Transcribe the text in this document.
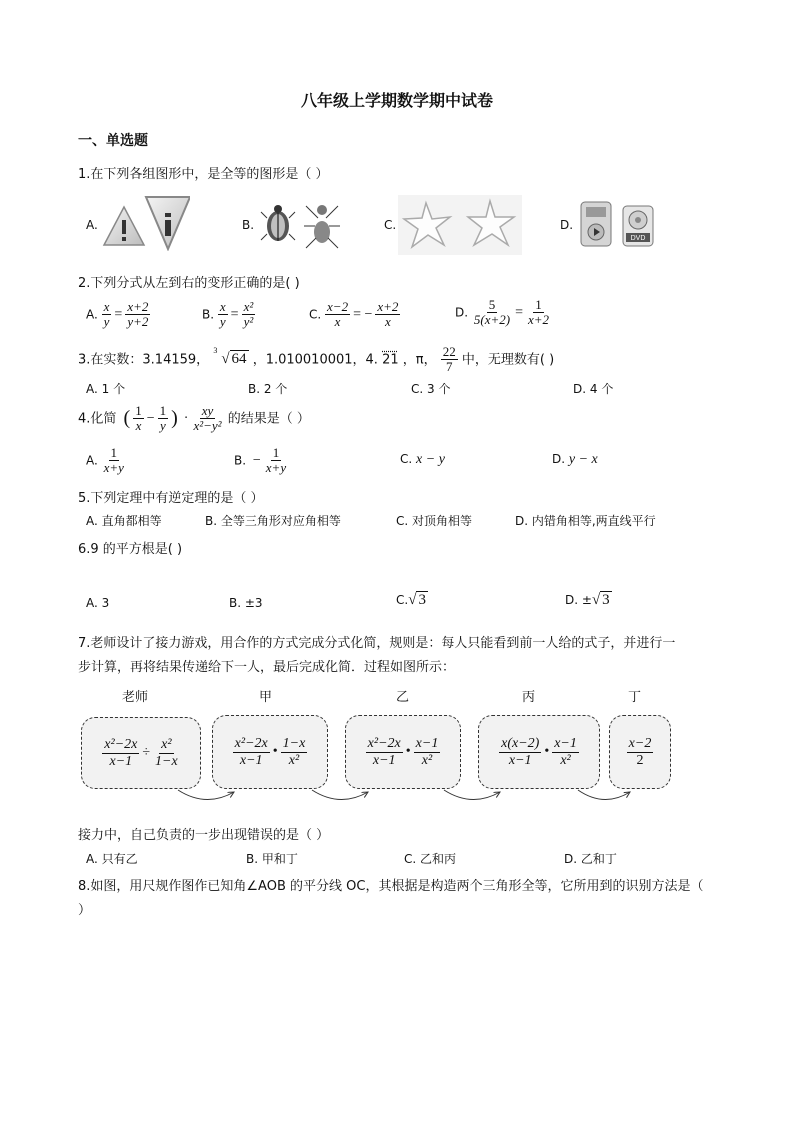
八年级上学期数学期中试卷
一、单选题
1.在下列各组图形中，是全等的图形是（ ）
A.	B.	C.	D.
DVD
2.下列分式从左到右的变形正确的是( )
A. $\frac{x}{y} = \frac{x+2}{y+2}$	B. $\frac{x}{y} = \frac{\text{x²}}{\text{y²}}$	C. $\frac{x-2}{x}$ = − $\frac{x+2}{x}$	D. $\frac{5}{5(x+2)} = \frac{1}{x+2}$
3.在实数：3.14159，
3
√ 64 ，1.010010001，4. 21 ，π， $\frac{22}{7}$ 中，无理数有( )
A. 1 个	B. 2 个	C. 3 个	D. 4 个
4.化简 ( $\frac{1}{x} - \frac{1}{y}$ ) · $\frac{xy}{\text{x²−y²}}$ 的结果是（ ）
A. $\frac{1}{x+y}$	B. − $\frac{1}{x+y}$	C. x − y	D. y − x
5.下列定理中有逆定理的是（ ）
A. 直角都相等	B. 全等三角形对应角相等	C. 对顶角相等	D. 内错角相等,两直线平行
6.9 的平方根是( )
A. 3	B. ±3	C.√ 3	D. ±√ 3
7.老师设计了接力游戏，用合作的方式完成分式化简，规则是：每人只能看到前一人给的式子，并进行一
步计算，再将结果传递给下一人，最后完成化简．过程如图所示：
老师	甲	乙	丙	丁
$\frac{\text{x²−2x}}{x-1} \div \frac{\text{x²}}{1-x}$	$\frac{\text{x²−2x}}{x-1}$ • $\frac{1-x}{\text{x²}}$	$\frac{\text{x²−2x}}{x-1}$ • $\frac{x-1}{\text{x²}}$	$\frac{x(x-2)}{x-1}$ • $\frac{x-1}{\text{x²}}$	$\frac{x-2}{2}$
接力中，自己负责的一步出现错误的是（ ）
A. 只有乙	B. 甲和丁	C. 乙和丙	D. 乙和丁
8.如图，用尺规作图作已知角∠AOB 的平分线 OC，其根据是构造两个三角形全等，它所用到的识别方法是（
）
